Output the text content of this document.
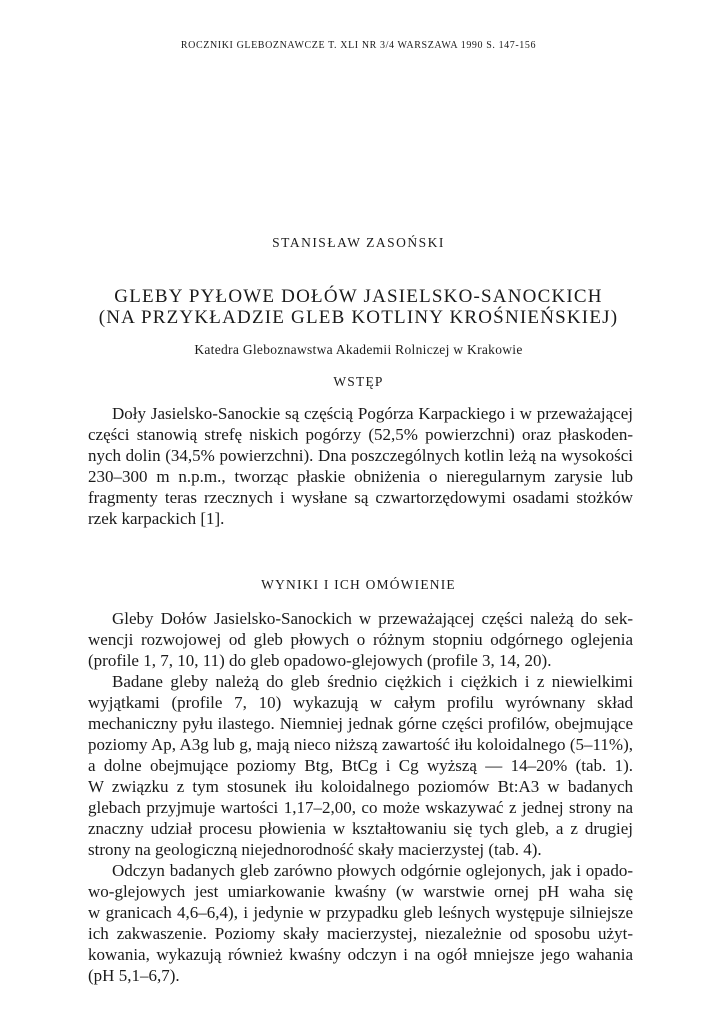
ROCZNIKI GLEBOZNAWCZE T. XLI NR 3/4 WARSZAWA 1990 S. 147-156
STANISŁAW ZASOŃSKI
GLEBY PYŁOWE DOŁÓW JASIELSKO-SANOCKICH
(NA PRZYKŁADZIE GLEB KOTLINY KROŚNIEŃSKIEJ)
Katedra Gleboznawstwa Akademii Rolniczej w Krakowie
WSTĘP
Doły Jasielsko-Sanockie są częścią Pogórza Karpackiego i w przeważającej
części stanowią strefę niskich pogórzy (52,5% powierzchni) oraz płaskoden-
nych dolin (34,5% powierzchni). Dna poszczególnych kotlin leżą na wysokości
230–300 m n.p.m., tworząc płaskie obniżenia o nieregularnym zarysie lub
fragmenty teras rzecznych i wysłane są czwartorzędowymi osadami stożków
rzek karpackich [1].
WYNIKI I ICH OMÓWIENIE
Gleby Dołów Jasielsko-Sanockich w przeważającej części należą do sek-
wencji rozwojowej od gleb płowych o różnym stopniu odgórnego oglejenia
(profile 1, 7, 10, 11) do gleb opadowo-glejowych (profile 3, 14, 20).
Badane gleby należą do gleb średnio ciężkich i ciężkich i z niewielkimi
wyjątkami (profile 7, 10) wykazują w całym profilu wyrównany skład
mechaniczny pyłu ilastego. Niemniej jednak górne części profilów, obejmujące
poziomy Ap, A3g lub g, mają nieco niższą zawartość iłu koloidalnego (5–11%),
a dolne obejmujące poziomy Btg, BtCg i Cg wyższą — 14–20% (tab. 1).
W związku z tym stosunek iłu koloidalnego poziomów Bt:A3 w badanych
glebach przyjmuje wartości 1,17–2,00, co może wskazywać z jednej strony na
znaczny udział procesu płowienia w kształtowaniu się tych gleb, a z drugiej
strony na geologiczną niejednorodność skały macierzystej (tab. 4).
Odczyn badanych gleb zarówno płowych odgórnie oglejonych, jak i opado-
wo-glejowych jest umiarkowanie kwaśny (w warstwie ornej pH waha się
w granicach 4,6–6,4), i jedynie w przypadku gleb leśnych występuje silniejsze
ich zakwaszenie. Poziomy skały macierzystej, niezależnie od sposobu użyt-
kowania, wykazują również kwaśny odczyn i na ogół mniejsze jego wahania
(pH 5,1–6,7).
